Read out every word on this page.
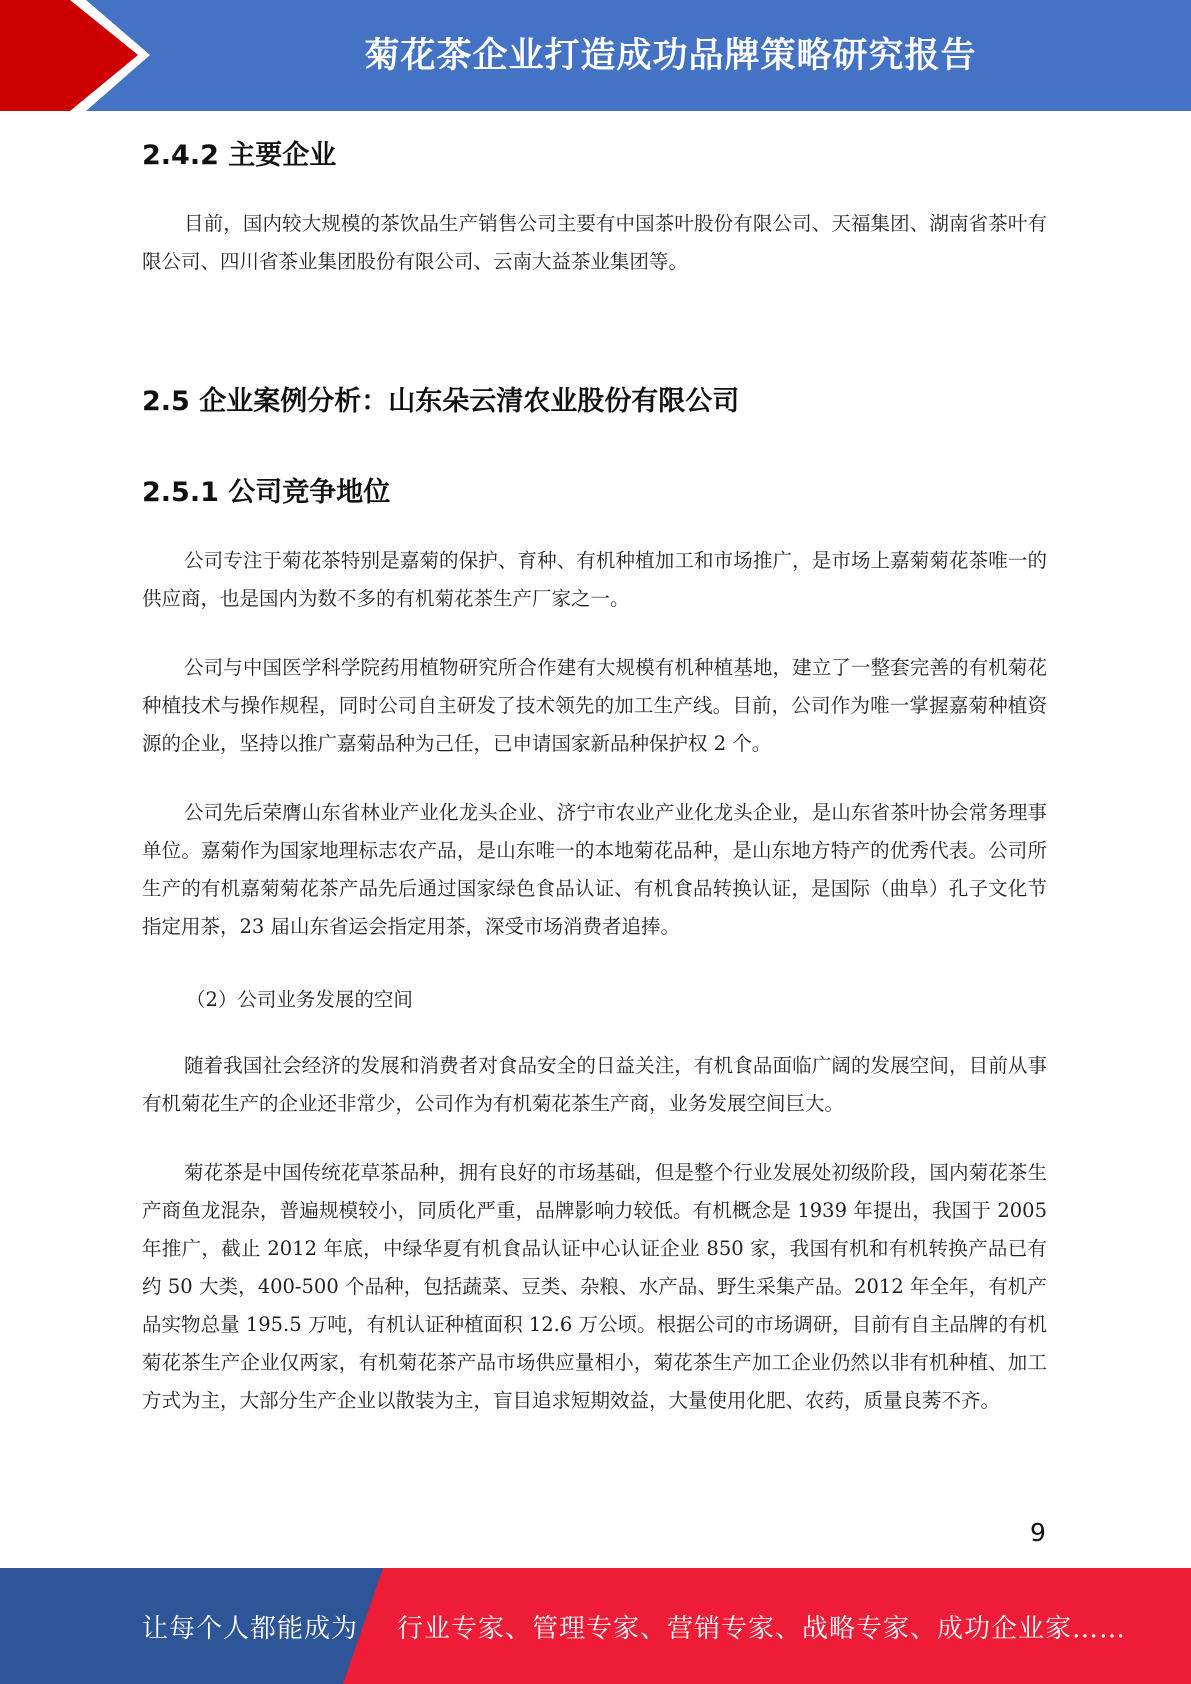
菊花茶企业打造成功品牌策略研究报告
2.4.2 主要企业

目前，国内较大规模的茶饮品生产销售公司主要有中国茶叶股份有限公司、天福集团、湖南省茶叶有限公司、四川省茶业集团股份有限公司、云南大益茶业集团等。

2.5 企业案例分析：山东朵云清农业股份有限公司
2.5.1 公司竞争地位

公司专注于菊花茶特别是嘉菊的保护、育种、有机种植加工和市场推广，是市场上嘉菊菊花茶唯一的供应商，也是国内为数不多的有机菊花茶生产厂家之一。

公司与中国医学科学院药用植物研究所合作建有大规模有机种植基地，建立了一整套完善的有机菊花种植技术与操作规程，同时公司自主研发了技术领先的加工生产线。目前，公司作为唯一掌握嘉菊种植资源的企业，坚持以推广嘉菊品种为己任，已申请国家新品种保护权 2 个。

公司先后荣膺山东省林业产业化龙头企业、济宁市农业产业化龙头企业，是山东省茶叶协会常务理事单位。嘉菊作为国家地理标志农产品，是山东唯一的本地菊花品种，是山东地方特产的优秀代表。公司所生产的有机嘉菊菊花茶产品先后通过国家绿色食品认证、有机食品转换认证，是国际（曲阜）孔子文化节指定用茶，23 届山东省运会指定用茶，深受市场消费者追捧。

（2）公司业务发展的空间

随着我国社会经济的发展和消费者对食品安全的日益关注，有机食品面临广阔的发展空间，目前从事有机菊花生产的企业还非常少，公司作为有机菊花茶生产商，业务发展空间巨大。

菊花茶是中国传统花草茶品种，拥有良好的市场基础，但是整个行业发展处初级阶段，国内菊花茶生产商鱼龙混杂，普遍规模较小，同质化严重，品牌影响力较低。有机概念是 1939 年提出，我国于 2005 年推广，截止 2012 年底，中绿华夏有机食品认证中心认证企业 850 家，我国有机和有机转换产品已有约 50 大类，400-500 个品种，包括蔬菜、豆类、杂粮、水产品、野生采集产品。2012 年全年，有机产品实物总量 195.5 万吨，有机认证种植面积 12.6 万公顷。根据公司的市场调研，目前有自主品牌的有机菊花茶生产企业仅两家，有机菊花茶产品市场供应量相小，菊花茶生产加工企业仍然以非有机种植、加工方式为主，大部分生产企业以散装为主，盲目追求短期效益，大量使用化肥、农药，质量良莠不齐。

9
让每个人都能成为 行业专家、管理专家、营销专家、战略专家、成功企业家……
